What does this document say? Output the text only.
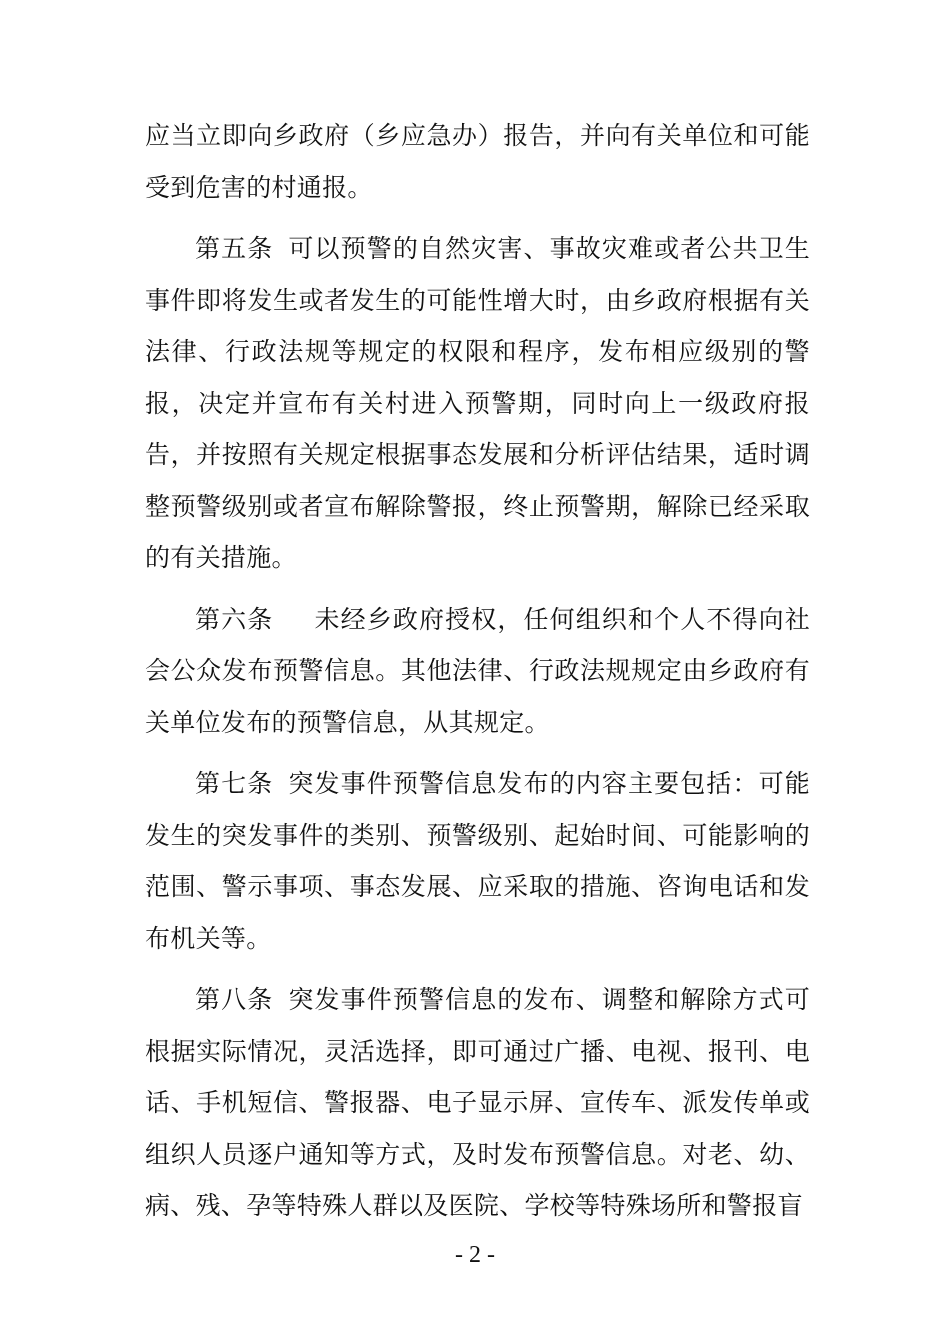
应当立即向乡政府（乡应急办）报告，并向有关单位和可能受到危害的村通报。

第五条 可以预警的自然灾害、事故灾难或者公共卫生事件即将发生或者发生的可能性增大时，由乡政府根据有关法律、行政法规等规定的权限和程序，发布相应级别的警报，决定并宣布有关村进入预警期，同时向上一级政府报告，并按照有关规定根据事态发展和分析评估结果，适时调整预警级别或者宣布解除警报，终止预警期，解除已经采取的有关措施。

第六条　未经乡政府授权，任何组织和个人不得向社会公众发布预警信息。其他法律、行政法规规定由乡政府有关单位发布的预警信息，从其规定。

第七条 突发事件预警信息发布的内容主要包括：可能发生的突发事件的类别、预警级别、起始时间、可能影响的范围、警示事项、事态发展、应采取的措施、咨询电话和发布机关等。

第八条 突发事件预警信息的发布、调整和解除方式可根据实际情况，灵活选择，即可通过广播、电视、报刊、电话、手机短信、警报器、电子显示屏、宣传车、派发传单或组织人员逐户通知等方式，及时发布预警信息。对老、幼、病、残、孕等特殊人群以及医院、学校等特殊场所和警报盲

- 2 -
